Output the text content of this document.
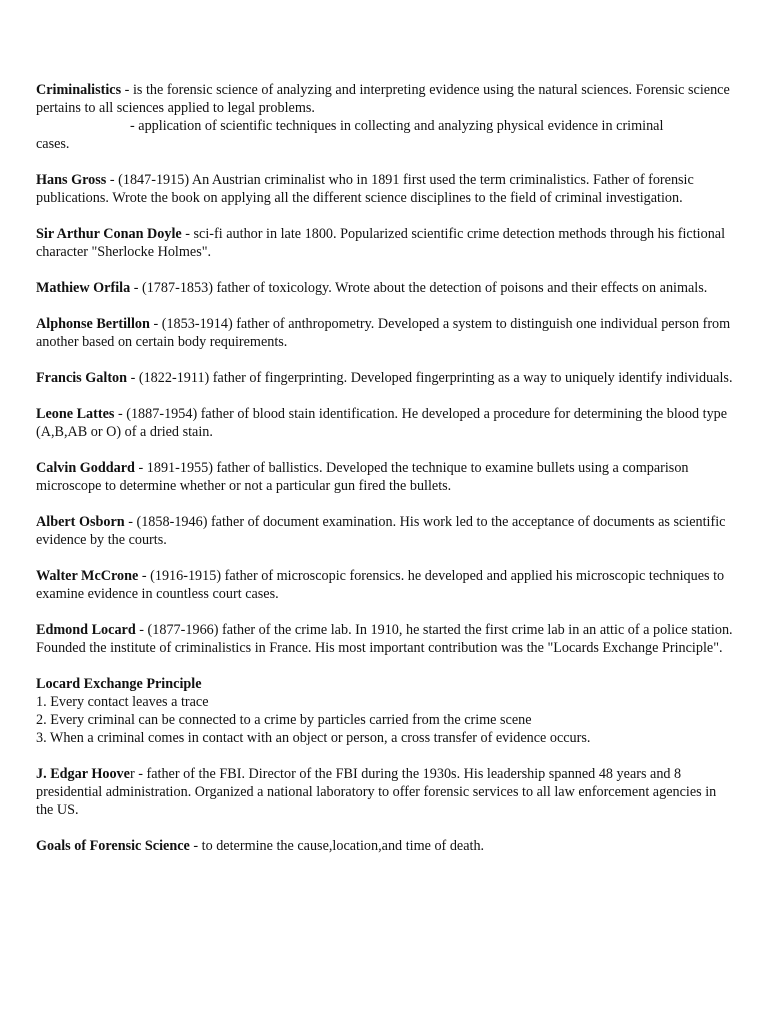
Criminalistics - is the forensic science of analyzing and interpreting evidence using the natural sciences. Forensic science pertains to all sciences applied to legal problems.
- application of scientific techniques in collecting and analyzing physical evidence in criminal
cases.
Hans Gross - (1847-1915) An Austrian criminalist who in 1891 first used the term criminalistics. Father of forensic publications. Wrote the book on applying all the different science disciplines to the field of criminal investigation.
Sir Arthur Conan Doyle - sci-fi author in late 1800. Popularized scientific crime detection methods through his fictional character "Sherlocke Holmes".
Mathiew Orfila - (1787-1853) father of toxicology. Wrote about the detection of poisons and their effects on animals.
Alphonse Bertillon - (1853-1914) father of anthropometry. Developed a system to distinguish one individual person from another based on certain body requirements.
Francis Galton - (1822-1911) father of fingerprinting. Developed fingerprinting as a way to uniquely identify individuals.
Leone Lattes - (1887-1954) father of blood stain identification. He developed a procedure for determining the blood type (A,B,AB or O) of a dried stain.
Calvin Goddard - 1891-1955) father of ballistics. Developed the technique to examine bullets using a comparison microscope to determine whether or not a particular gun fired the bullets.
Albert Osborn - (1858-1946) father of document examination. His work led to the acceptance of documents as scientific evidence by the courts.
Walter McCrone - (1916-1915) father of microscopic forensics. he developed and applied his microscopic techniques to examine evidence in countless court cases.
Edmond Locard - (1877-1966) father of the crime lab. In 1910, he started the first crime lab in an attic of a police station. Founded the institute of criminalistics in France. His most important contribution was the "Locards Exchange Principle".
Locard Exchange Principle
1. Every contact leaves a trace
2. Every criminal can be connected to a crime by particles carried from the crime scene
3. When a criminal comes in contact with an object or person, a cross transfer of evidence occurs.
J. Edgar Hoover - father of the FBI. Director of the FBI during the 1930s. His leadership spanned 48 years and 8 presidential administration. Organized a national laboratory to offer forensic services to all law enforcement agencies in the US.
Goals of Forensic Science - to determine the cause,location,and time of death.
